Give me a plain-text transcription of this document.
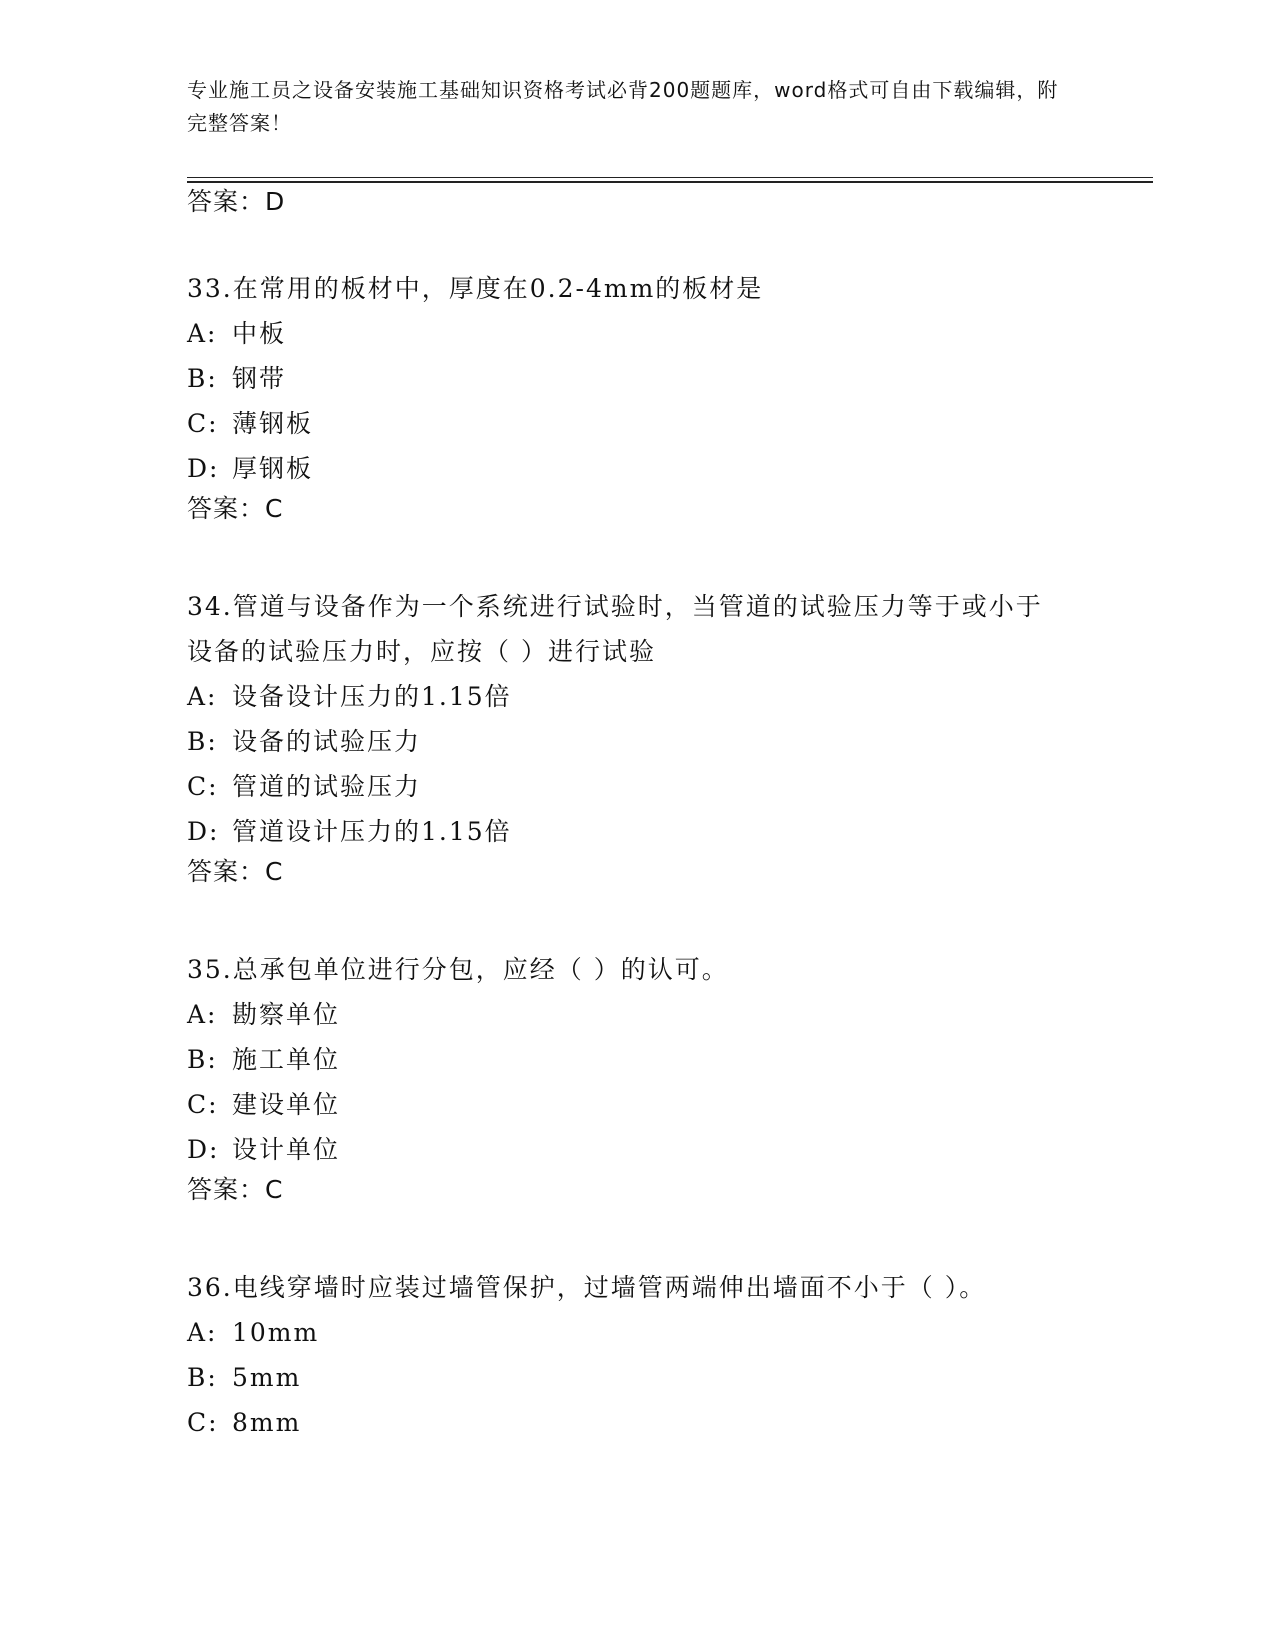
专业施工员之设备安装施工基础知识资格考试必背200题题库，word格式可自由下载编辑，附完整答案！
答案：D
33.在常用的板材中，厚度在0.2-4mm的板材是
A: 中板
B: 钢带
C: 薄钢板
D: 厚钢板
答案：C
34.管道与设备作为一个系统进行试验时，当管道的试验压力等于或小于设备的试验压力时，应按（ ）进行试验
A: 设备设计压力的1.15倍
B: 设备的试验压力
C: 管道的试验压力
D: 管道设计压力的1.15倍
答案：C
35.总承包单位进行分包，应经（ ）的认可。
A: 勘察单位
B: 施工单位
C: 建设单位
D: 设计单位
答案：C
36.电线穿墙时应装过墙管保护，过墙管两端伸出墙面不小于（ ）。
A: 10mm
B: 5mm
C: 8mm
